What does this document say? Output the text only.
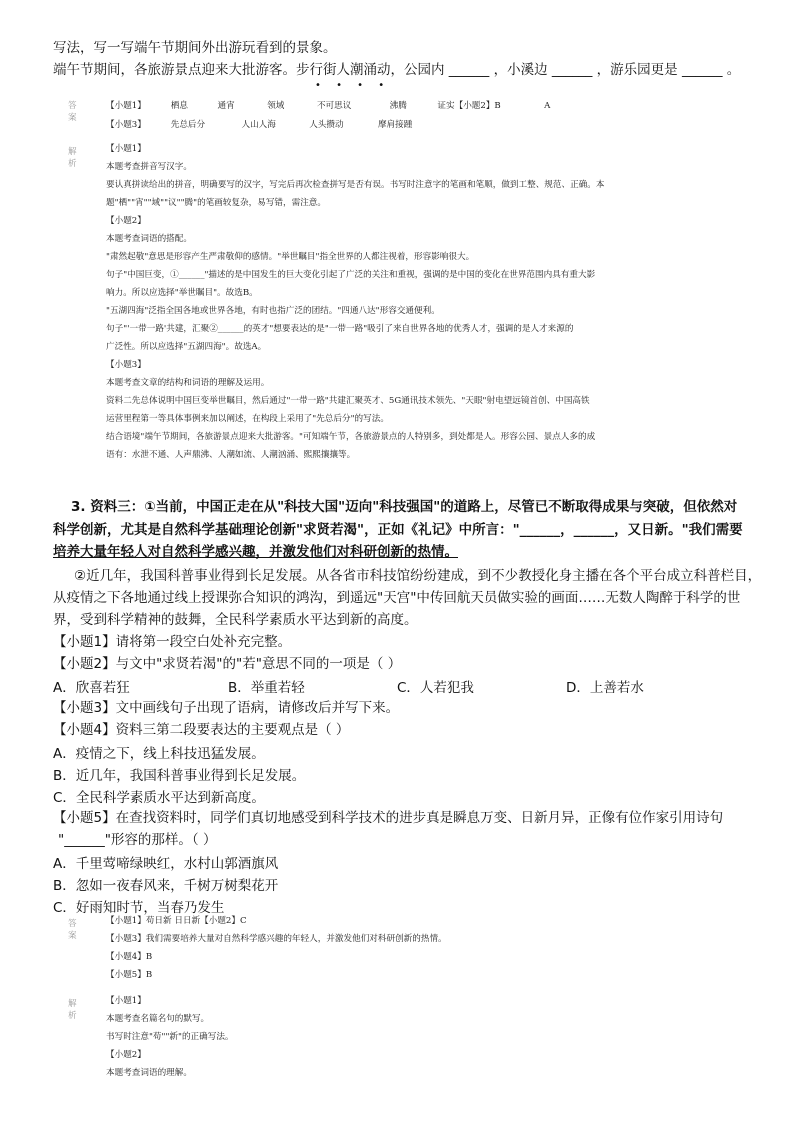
写法，写一写端午节期间外出游玩看到的景象。
端午节期间，各旅游景点迎来大批游客。步行街人潮涌动，公园内 ______ ，小溪边 ______ ，游乐园更是 ______ 。
• • • •
答案
【小题1】	栖息	通宵	领域	不可思议	沸腾	证实【小题2】B	A
【小题3】	先总后分	人山人海	人头攒动	摩肩接踵
解析
【小题1】
本题考查拼音写汉字。
要认真拼读给出的拼音，明确要写的汉字，写完后再次检查拼写是否有误。书写时注意字的笔画和笔顺，做到工整、规范、正确。本
题"栖""宵""域""议""腾"的笔画较复杂，易写错，需注意。
【小题2】
本题考查词语的搭配。
"肃然起敬"意思是形容产生严肃敬仰的感情。"举世瞩目"指全世界的人都注视着，形容影响很大。
句子"中国巨变，①______"描述的是中国发生的巨大变化引起了广泛的关注和重视，强调的是中国的变化在世界范围内具有重大影
响力。所以应选择"举世瞩目"。故选B。
"五湖四海"泛指全国各地或世界各地，有时也指广泛的团结。"四通八达"形容交通便利。
句子"'一带一路'共建，汇聚②______的英才"想要表达的是"一带一路"吸引了来自世界各地的优秀人才，强调的是人才来源的
广泛性。所以应选择"五湖四海"。故选A。
【小题3】
本题考查文章的结构和词语的理解及运用。
资料二先总体说明中国巨变举世瞩目，然后通过"一带一路"共建汇聚英才、5G通讯技术领先、"天眼"射电望远镜首创、中国高铁
运营里程第一等具体事例来加以阐述，在构段上采用了"先总后分"的写法。
结合语境"端午节期间，各旅游景点迎来大批游客。"可知端午节，各旅游景点的人特别多，到处都是人。形容公园、景点人多的成
语有：水泄不通、人声鼎沸、人潮如流、人潮汹涌、熙熙攘攘等。
3. 资料三：①当前，中国正走在从"科技大国"迈向"科技强国"的道路上，尽管已不断取得成果与突破，但依然对
科学创新，尤其是自然科学基础理论创新"求贤若渴"，正如《礼记》中所言："______，______，又日新。"我们需要
培养大量年轻人对自然科学感兴趣，并激发他们对科研创新的热情。
②近几年，我国科普事业得到长足发展。从各省市科技馆纷纷建成，到不少教授化身主播在各个平台成立科普栏目，
从疫情之下各地通过线上授课弥合知识的鸿沟，到遥远"天宫"中传回航天员做实验的画面……无数人陶醉于科学的世
界，受到科学精神的鼓舞，全民科学素质水平达到新的高度。
【小题1】请将第一段空白处补充完整。
【小题2】与文中"求贤若渴"的"若"意思不同的一项是（ ）
A．欣喜若狂	B．举重若轻	C．人若犯我	D．上善若水
【小题3】文中画线句子出现了语病，请修改后并写下来。
【小题4】资料三第二段要表达的主要观点是（ ）
A．疫情之下，线上科技迅猛发展。
B．近几年，我国科普事业得到长足发展。
C．全民科学素质水平达到新高度。
【小题5】在查找资料时，同学们真切地感受到科学技术的进步真是瞬息万变、日新月异，正像有位作家引用诗句
"______"形容的那样。（ ）
A．千里莺啼绿映红，水村山郭酒旗风
B．忽如一夜春风来，千树万树梨花开
C．好雨知时节，当春乃发生
答案
【小题1】苟日新 日日新【小题2】C
【小题3】我们需要培养大量对自然科学感兴趣的年轻人，并激发他们对科研创新的热情。
【小题4】B
【小题5】B
解析
【小题1】
本题考查名篇名句的默写。
书写时注意"苟""新"的正确写法。
【小题2】
本题考查词语的理解。
